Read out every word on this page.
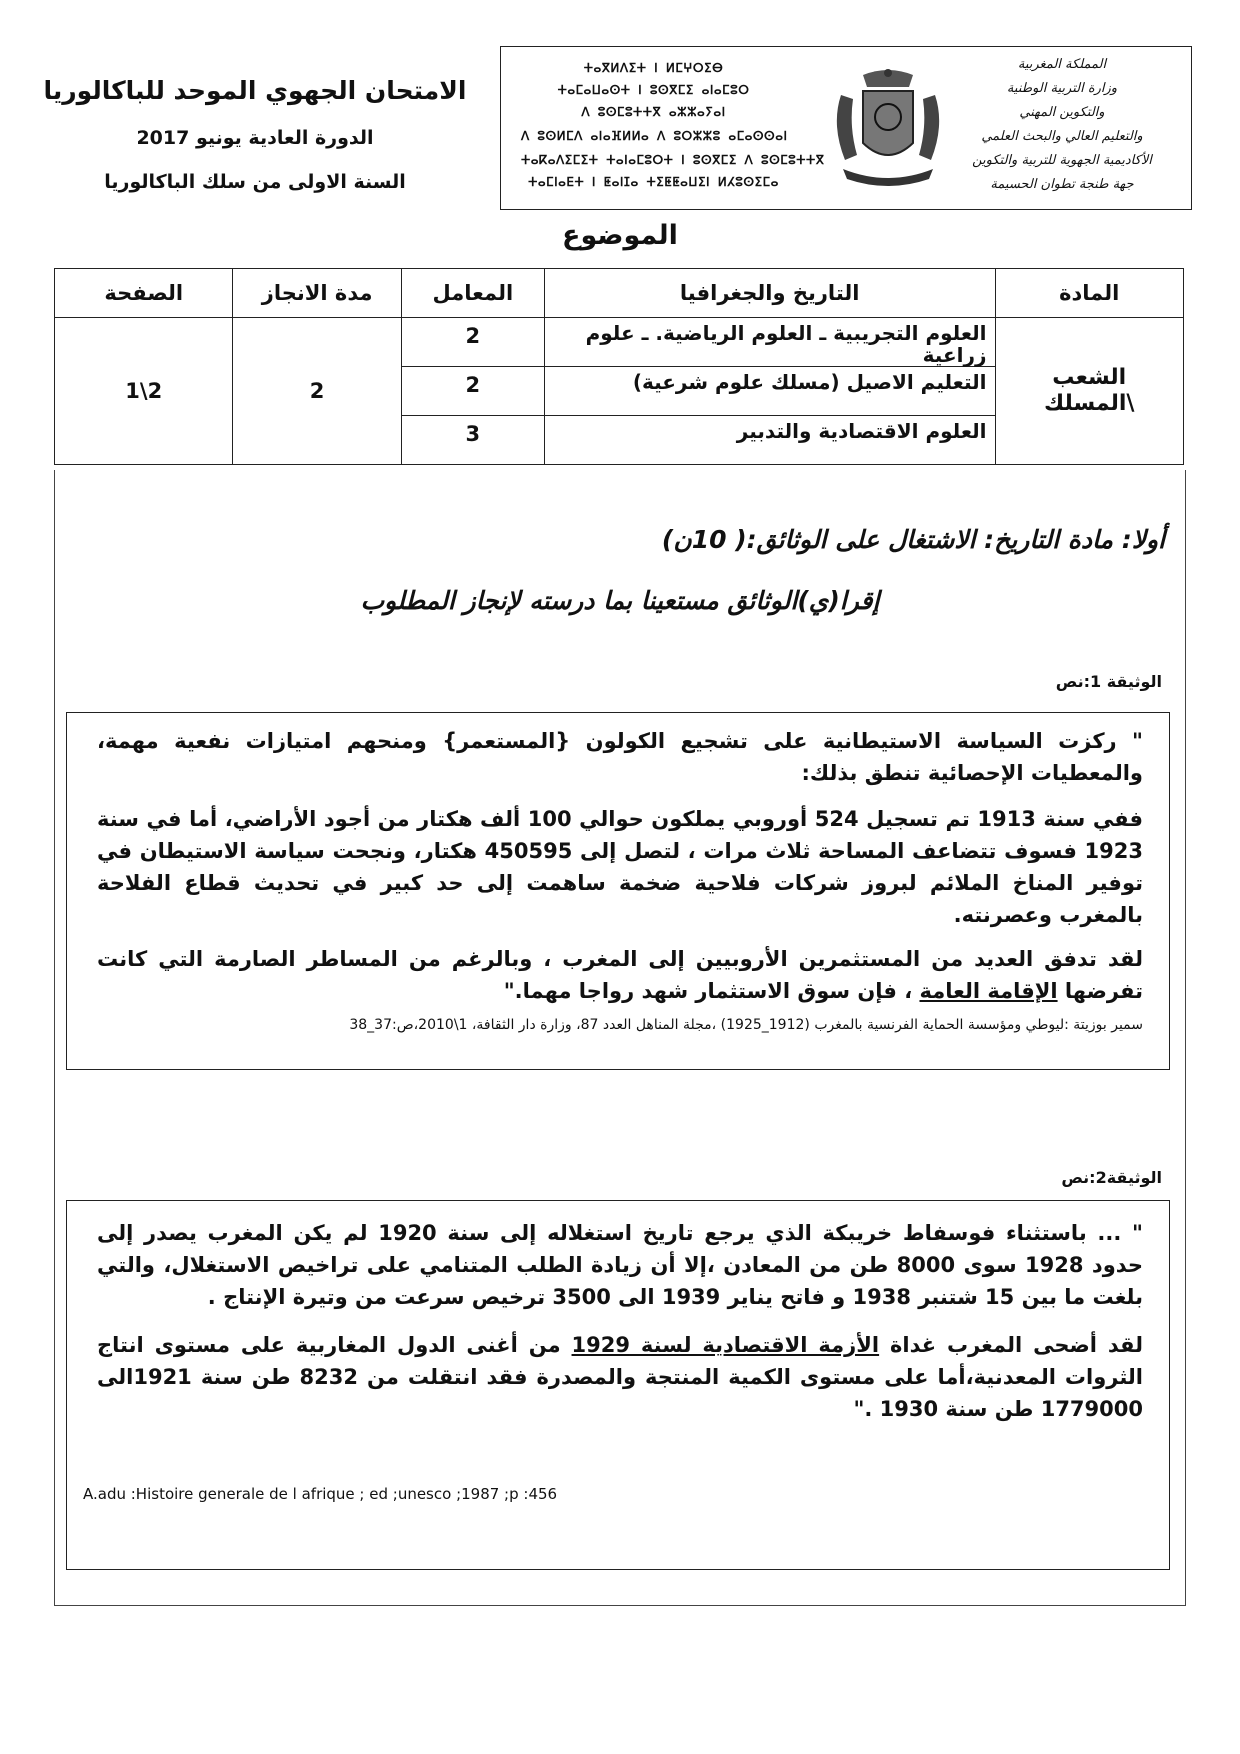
الامتحان الجهوي الموحد للباكالوريا
الدورة العادية يونيو 2017
السنة الاولى من سلك الباكالوريا
ⵜⴰⴳⵍⴷⵉⵜ ⵏ ⵍⵎⵖⵔⵉⴱ
ⵜⴰⵎⴰⵡⴰⵙⵜ ⵏ ⵓⵙⴳⵎⵉ ⴰⵏⴰⵎⵓⵔ
ⴷ ⵓⵙⵎⵓⵜⵜⴳ ⴰⵣⵣⴰⵢⴰⵏ
ⴷ ⵓⵙⵍⵎⴷ ⴰⵏⴰⴼⵍⵍⴰ ⴷ ⵓⵔⵣⵣⵓ ⴰⵎⴰⵙⵙⴰⵏ
ⵜⴰⴽⴰⴷⵉⵎⵉⵜ ⵜⴰⵏⴰⵎⵓⵔⵜ ⵏ ⵓⵙⴳⵎⵉ ⴷ ⵓⵙⵎⵓⵜⵜⴳ
ⵜⴰⵎⵏⴰⴹⵜ ⵏ ⵟⴰⵏⵊⴰ ⵜⵉⵟⵟⴰⵡⵉⵏ ⵍⵃⵓⵙⵉⵎⴰ
المملكة المغربية
وزارة التربية الوطنية
والتكوين المهني
والتعليم العالي والبحث العلمي
الأكاديمية الجهوية للتربية والتكوين
جهة طنجة تطوان الحسيمة
الموضوع
المادة	التاريخ والجغرافيا	المعامل	مدة الانجاز	الصفحة
الشعب \المسلك	العلوم التجريبية ـ العلوم الرياضية. ـ علوم زراعية	2	2	2\1
	التعليم الاصيل (مسلك علوم شرعية)	2		
	العلوم الاقتصادية والتدبير	3		
أولا: مادة التاريخ: الاشتغال على الوثائق:( 10ن)
إقرا(ي)الوثائق مستعينا بما درسته لإنجاز المطلوب
الوثيقة 1:نص

" ركزت السياسة الاستيطانية على تشجيع الكولون {المستعمر} ومنحهم امتيازات نفعية مهمة، والمعطيات الإحصائية تنطق بذلك:

ففي سنة 1913 تم تسجيل 524 أوروبي يملكون حوالي 100 ألف هكتار من أجود الأراضي، أما في سنة 1923 فسوف تتضاعف المساحة ثلاث مرات ، لتصل إلى 450595 هكتار، ونجحت سياسة الاستيطان في توفير المناخ الملائم لبروز شركات فلاحية ضخمة ساهمت إلى حد كبير في تحديث قطاع الفلاحة بالمغرب وعصرنته.

لقد تدفق العديد من المستثمرين الأروبيين إلى المغرب ، وبالرغم من المساطر الصارمة التي كانت تفرضها الإقامة العامة ، فإن سوق الاستثمار شهد رواجا مهما."

سمير بوزيتة :ليوطي ومؤسسة الحماية الفرنسية بالمغرب (1912_1925) ،مجلة المناهل العدد 87، وزارة دار الثقافة، 1\2010،ص:37_38
الوثيقة2:نص

" ... باستثناء فوسفاط خريبكة الذي يرجع تاريخ استغلاله إلى سنة 1920 لم يكن المغرب يصدر إلى حدود 1928 سوى 8000 طن من المعادن ،إلا أن زيادة الطلب المتنامي على تراخيص الاستغلال، والتي بلغت ما بين 15 شتنبر 1938 و فاتح يناير 1939 الى 3500 ترخيص سرعت من وتيرة الإنتاج .

لقد أضحى المغرب غداة الأزمة الاقتصادية لسنة 1929 من أغنى الدول المغاربية على مستوى انتاج الثروات المعدنية،أما على مستوى الكمية المنتجة والمصدرة فقد انتقلت من 8232 طن سنة 1921الى 1779000 طن سنة 1930 ."

A.adu :Histoire generale de l afrique ; ed ;unesco ;1987 ;p :456
